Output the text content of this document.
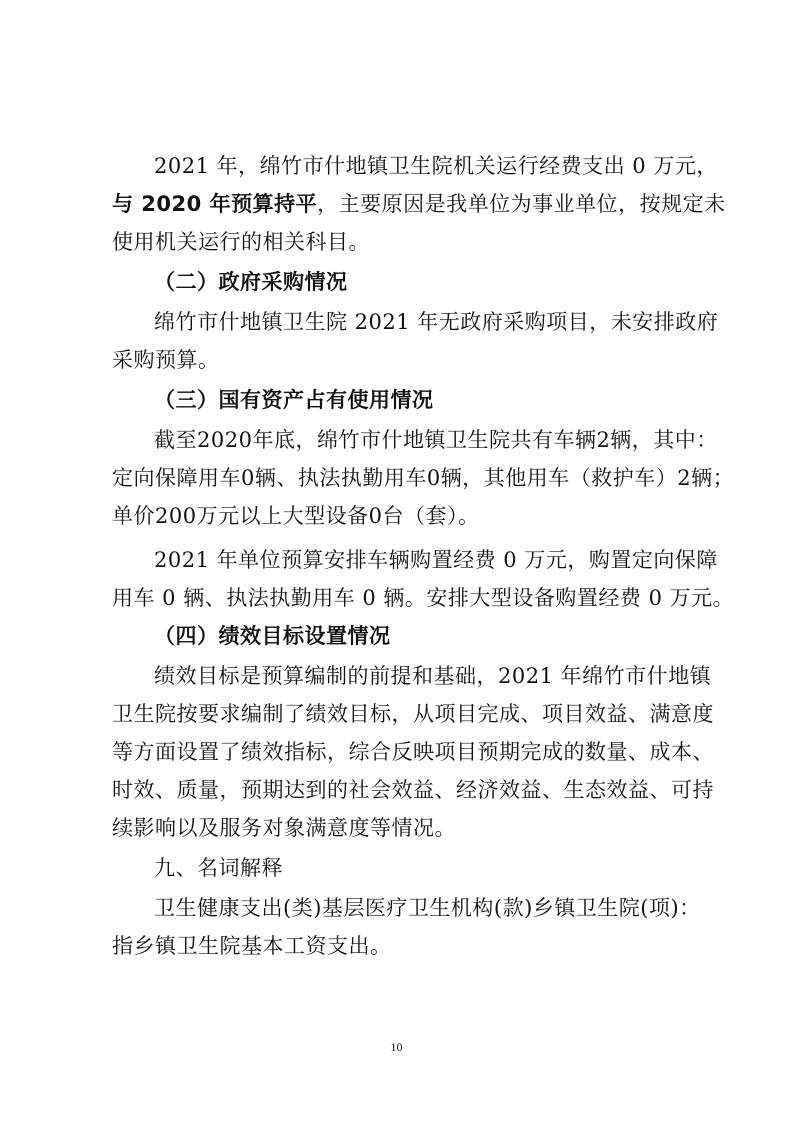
2021 年，绵竹市什地镇卫生院机关运行经费支出 0 万元，
与 2020 年预算持平，主要原因是我单位为事业单位，按规定未
使用机关运行的相关科目。
（二）政府采购情况
绵竹市什地镇卫生院 2021 年无政府采购项目，未安排政府
采购预算。
（三）国有资产占有使用情况
截至2020年底，绵竹市什地镇卫生院共有车辆2辆，其中：
定向保障用车0辆、执法执勤用车0辆，其他用车（救护车）2辆；
单价200万元以上大型设备0台（套）。
2021 年单位预算安排车辆购置经费 0 万元，购置定向保障
用车 0 辆、执法执勤用车 0 辆。安排大型设备购置经费 0 万元。
（四）绩效目标设置情况
绩效目标是预算编制的前提和基础，2021 年绵竹市什地镇
卫生院按要求编制了绩效目标，从项目完成、项目效益、满意度
等方面设置了绩效指标，综合反映项目预期完成的数量、成本、
时效、质量，预期达到的社会效益、经济效益、生态效益、可持
续影响以及服务对象满意度等情况。
九、名词解释
卫生健康支出(类)基层医疗卫生机构(款)乡镇卫生院(项)：
指乡镇卫生院基本工资支出。
10
